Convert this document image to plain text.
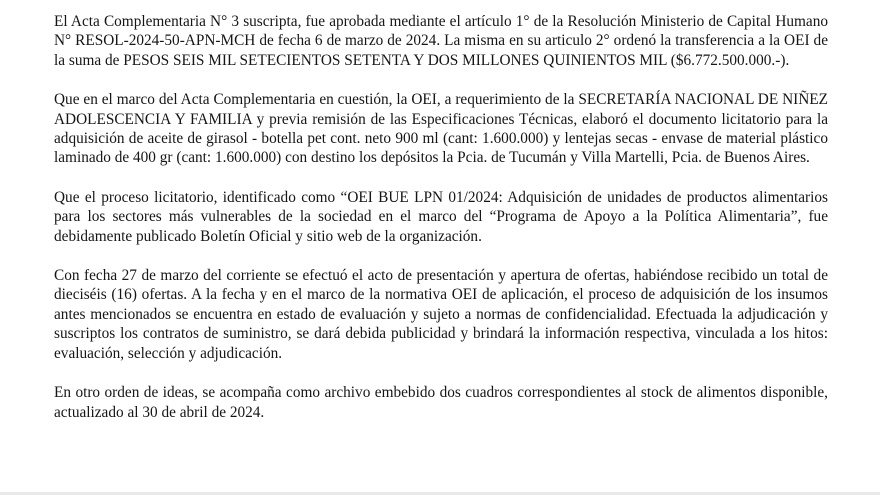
El Acta Complementaria N° 3 suscripta, fue aprobada mediante el artículo 1° de la Resolución Ministerio de Capital Humano N° RESOL-2024-50-APN-MCH de fecha 6 de marzo de 2024. La misma en su articulo 2° ordenó la transferencia a la OEI de la suma de PESOS SEIS MIL SETECIENTOS SETENTA Y DOS MILLONES QUINIENTOS MIL ($6.772.500.000.-).

Que en el marco del Acta Complementaria en cuestión, la OEI, a requerimiento de la SECRETARÍA NACIONAL DE NIÑEZ ADOLESCENCIA Y FAMILIA y previa remisión de las Especificaciones Técnicas, elaboró el documento licitatorio para la adquisición de aceite de girasol - botella pet cont. neto 900 ml (cant: 1.600.000) y lentejas secas - envase de material plástico laminado de 400 gr (cant: 1.600.000) con destino los depósitos la Pcia. de Tucumán y Villa Martelli, Pcia. de Buenos Aires.

Que el proceso licitatorio, identificado como “OEI BUE LPN 01/2024: Adquisición de unidades de productos alimentarios para los sectores más vulnerables de la sociedad en el marco del “Programa de Apoyo a la Política Alimentaria”, fue debidamente publicado Boletín Oficial y sitio web de la organización.

Con fecha 27 de marzo del corriente se efectuó el acto de presentación y apertura de ofertas, habiéndose recibido un total de dieciséis (16) ofertas. A la fecha y en el marco de la normativa OEI de aplicación, el proceso de adquisición de los insumos antes mencionados se encuentra en estado de evaluación y sujeto a normas de confidencialidad. Efectuada la adjudicación y suscriptos los contratos de suministro, se dará debida publicidad y brindará la información respectiva, vinculada a los hitos: evaluación, selección y adjudicación.

En otro orden de ideas, se acompaña como archivo embebido dos cuadros correspondientes al stock de alimentos disponible, actualizado al 30 de abril de 2024.
